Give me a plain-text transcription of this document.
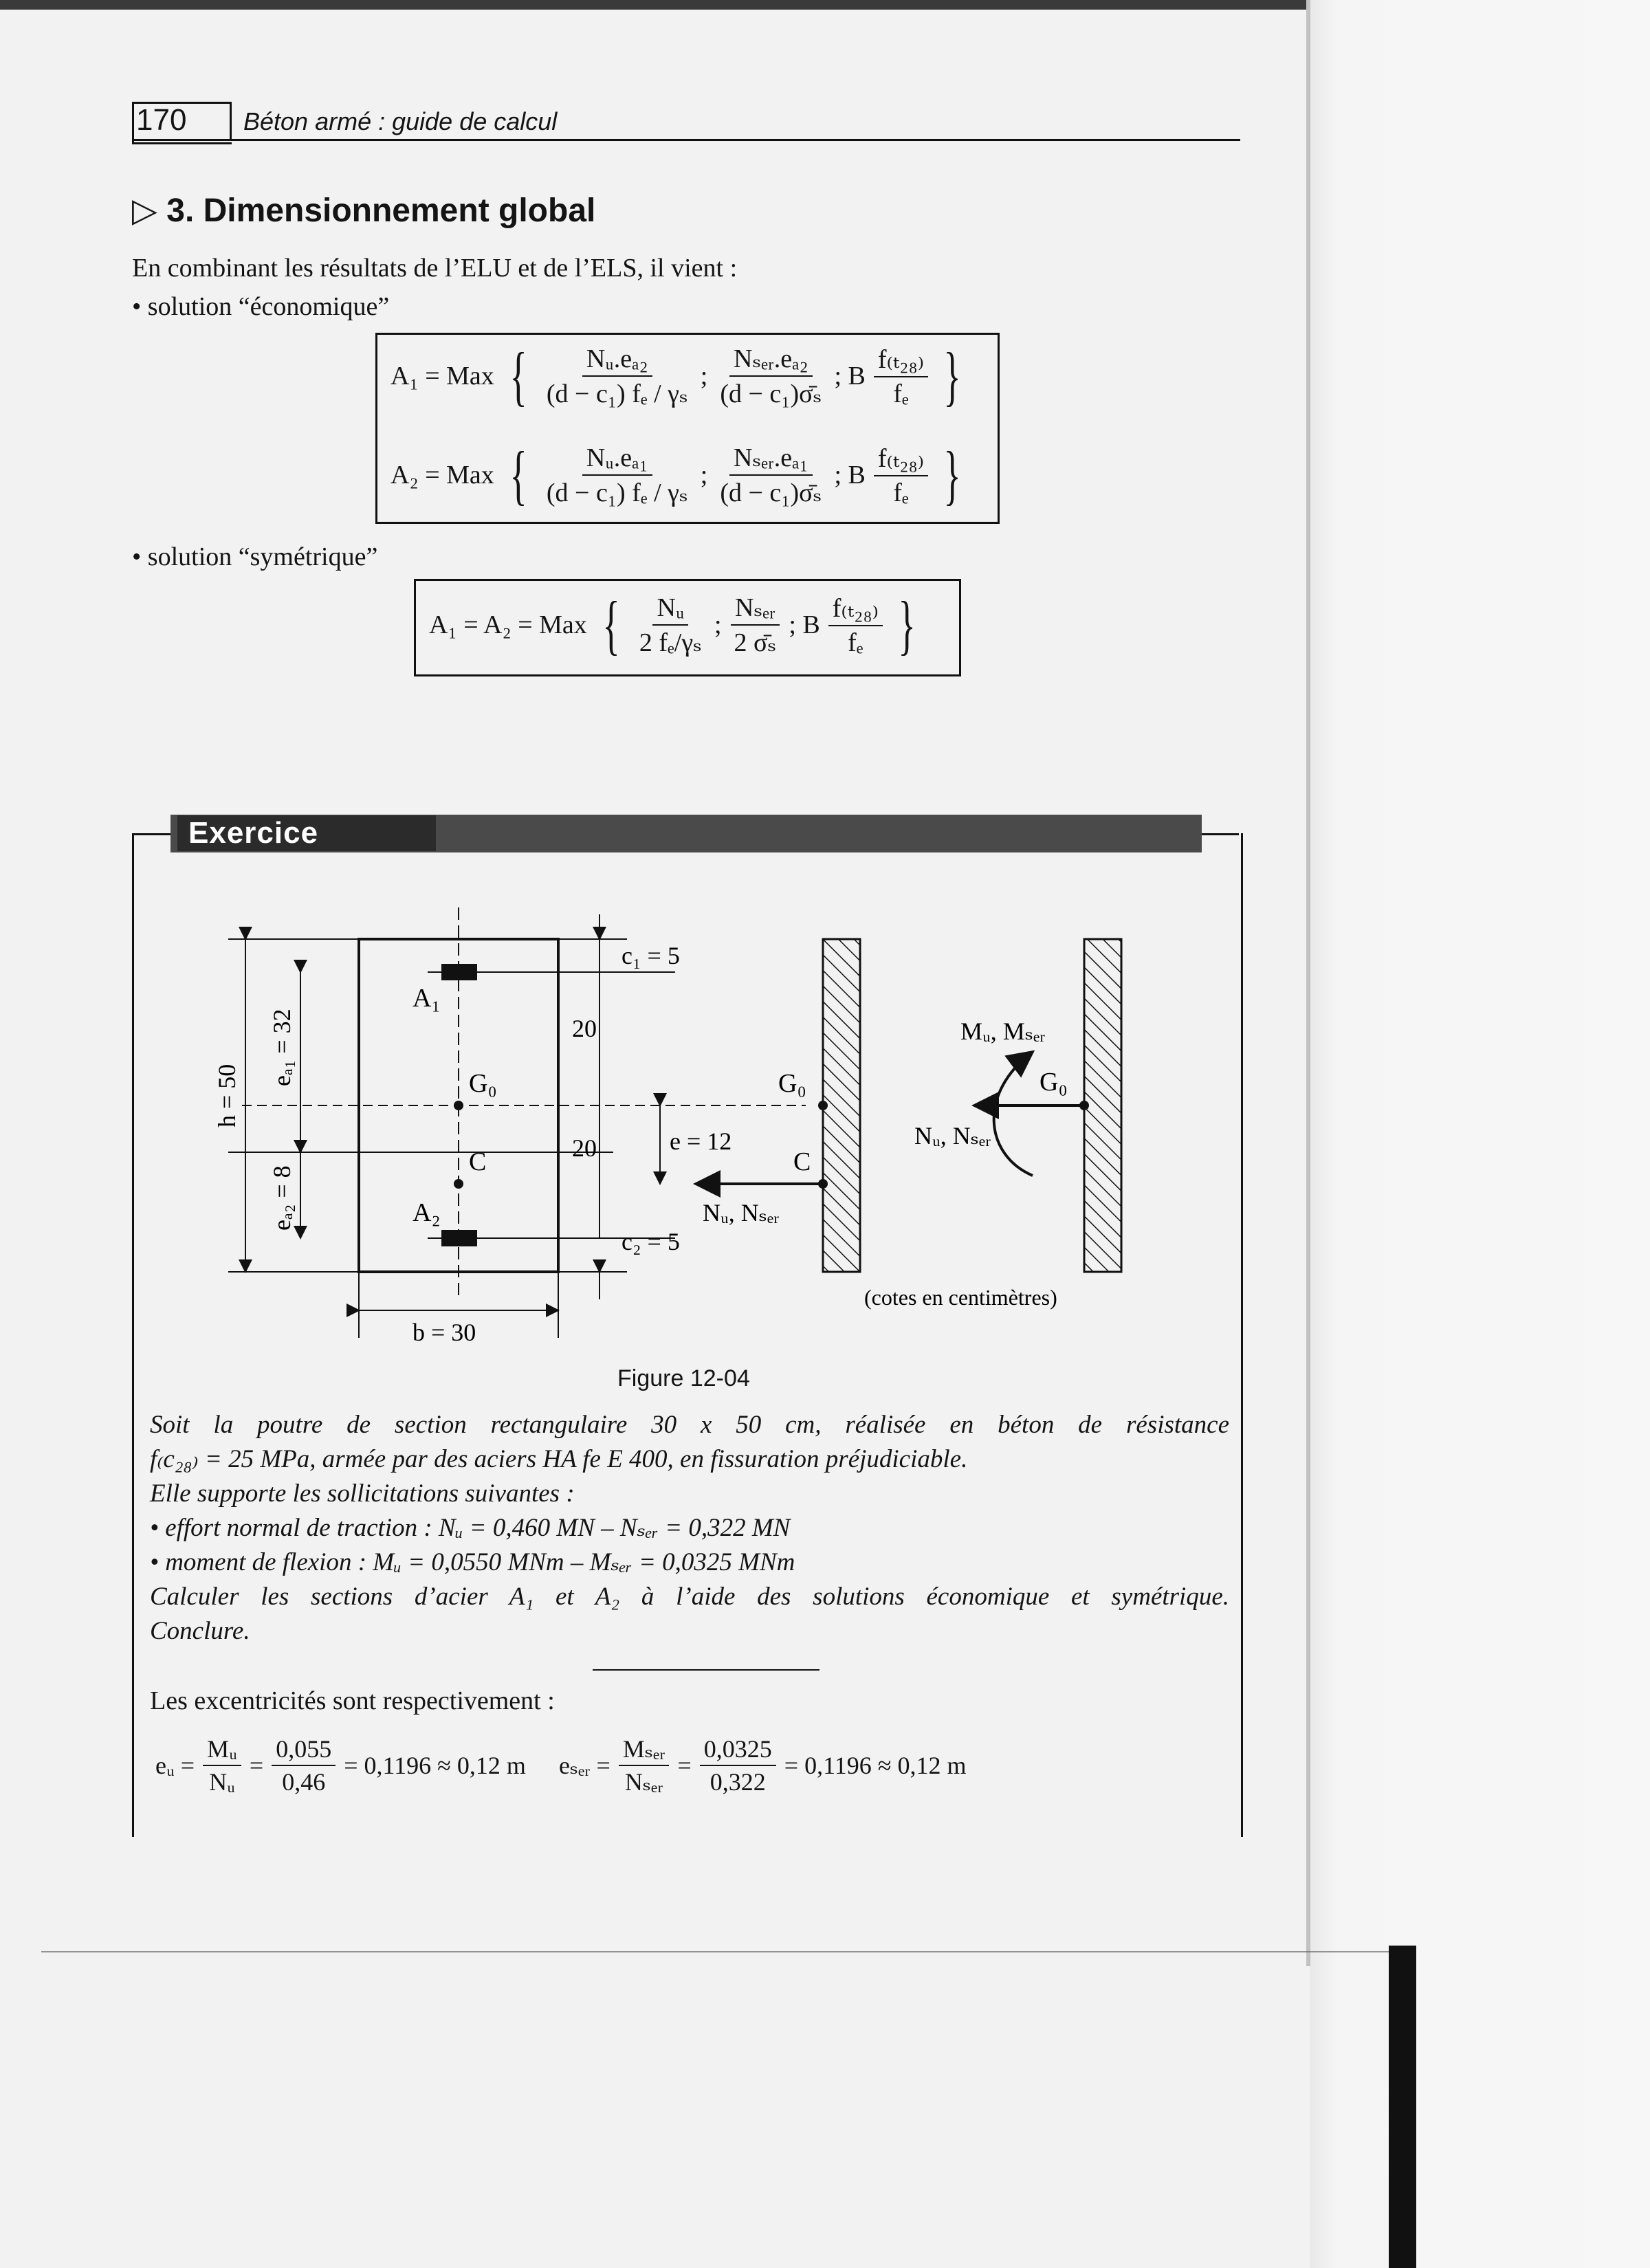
170 Béton armé : guide de calcul
▷ 3. Dimensionnement global
En combinant les résultats de l’ELU et de l’ELS, il vient :
• solution “économique”
A₁ = Max { $\frac{\text{Nᵤ.eₐ₂}}{\text{(d − c₁) fₑ / γₛ}}$ ; $\frac{\text{Nₛₑᵣ.eₐ₂}}{\text{(d − c₁)σ̄ₛ}}$ ; B $\frac{\text{f₍ₜ₂₈₎}}{\text{fₑ}}$ }
A₂ = Max { $\frac{\text{Nᵤ.eₐ₁}}{\text{(d − c₁) fₑ / γₛ}}$ ; $\frac{\text{Nₛₑᵣ.eₐ₁}}{\text{(d − c₁)σ̄ₛ}}$ ; B $\frac{\text{f₍ₜ₂₈₎}}{\text{fₑ}}$ }
• solution “symétrique”
A₁ = A₂ = Max { $\frac{\text{Nᵤ}}{\text{2 fₑ/γₛ}}$ ; $\frac{\text{Nₛₑᵣ}}{\text{2 σ̄ₛ}}$ ; B $\frac{\text{f₍ₜ₂₈₎}}{\text{fₑ}}$ }
Exercice
h = 50
eₐ₁ = 32
eₐ₂ = 8
c₁ = 5
20
20
c₂ = 5
e = 12
A₁
A₂
G₀
C
G₀
C
Nᵤ, Nₛₑᵣ
G₀
Nᵤ, Nₛₑᵣ
Mᵤ, Mₛₑᵣ
b = 30
(cotes en centimètres)
Figure 12-04

Soit la poutre de section rectangulaire 30 x 50 cm, réalisée en béton de résistance

f₍c₂₈₎ = 25 MPa, armée par des aciers HA fe E 400, en fissuration préjudiciable.

Elle supporte les sollicitations suivantes :

• effort normal de traction : Nᵤ = 0,460 MN – Nₛₑᵣ = 0,322 MN

• moment de flexion : Mᵤ = 0,0550 MNm – Mₛₑᵣ = 0,0325 MNm

Calculer les sections d’acier A₁ et A₂ à l’aide des solutions économique et symétrique.

Conclure.

Les excentricités sont respectivement :
eᵤ = $\frac{\text{Mᵤ}}{\text{Nᵤ}} = \frac{0,055}{0,46} = 0,1196 \approx 0,12$ m eₛₑᵣ = $\frac{\text{Mₛₑᵣ}}{\text{Nₛₑᵣ}} = \frac{0,0325}{0,322} = 0,1196 \approx 0,12$ m
